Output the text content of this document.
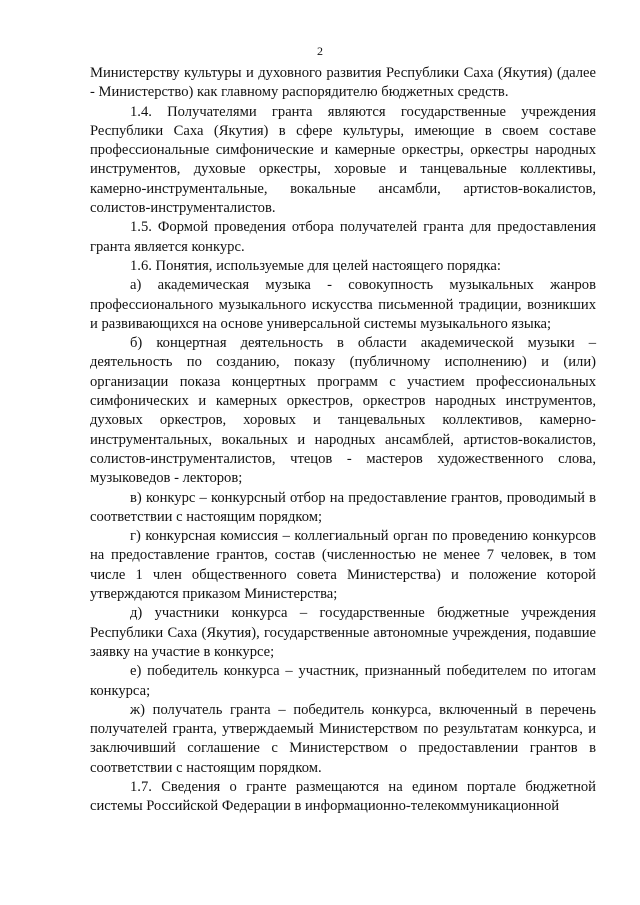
2

Министерству культуры и духовного развития Республики Саха (Якутия) (далее - Министерство) как главному распорядителю бюджетных средств.

1.4. Получателями гранта являются государственные учреждения Республики Саха (Якутия) в сфере культуры, имеющие в своем составе профессиональные симфонические и камерные оркестры, оркестры народных инструментов, духовые оркестры, хоровые и танцевальные коллективы, камерно-инструментальные, вокальные ансамбли, артистов-вокалистов, солистов-инструменталистов.

1.5. Формой проведения отбора получателей гранта для предоставления гранта является конкурс.

1.6. Понятия, используемые для целей настоящего порядка:

а) академическая музыка - совокупность музыкальных жанров профессионального музыкального искусства письменной традиции, возникших и развивающихся на основе универсальной системы музыкального языка;

б) концертная деятельность в области академической музыки – деятельность по созданию, показу (публичному исполнению) и (или) организации показа концертных программ с участием профессиональных симфонических и камерных оркестров, оркестров народных инструментов, духовых оркестров, хоровых и танцевальных коллективов, камерно-инструментальных, вокальных и народных ансамблей, артистов-вокалистов, солистов-инструменталистов, чтецов - мастеров художественного слова, музыковедов - лекторов;

в) конкурс – конкурсный отбор на предоставление грантов, проводимый в соответствии с настоящим порядком;

г) конкурсная комиссия – коллегиальный орган по проведению конкурсов на предоставление грантов, состав (численностью не менее 7 человек, в том числе 1 член общественного совета Министерства) и положение которой утверждаются приказом Министерства;

д) участники конкурса – государственные бюджетные учреждения Республики Саха (Якутия), государственные автономные учреждения, подавшие заявку на участие в конкурсе;

е) победитель конкурса – участник, признанный победителем по итогам конкурса;

ж) получатель гранта – победитель конкурса, включенный в перечень получателей гранта, утверждаемый Министерством по результатам конкурса, и заключивший соглашение с Министерством о предоставлении грантов в соответствии с настоящим порядком.

1.7. Сведения о гранте размещаются на едином портале бюджетной системы Российской Федерации в информационно-телекоммуникационной
